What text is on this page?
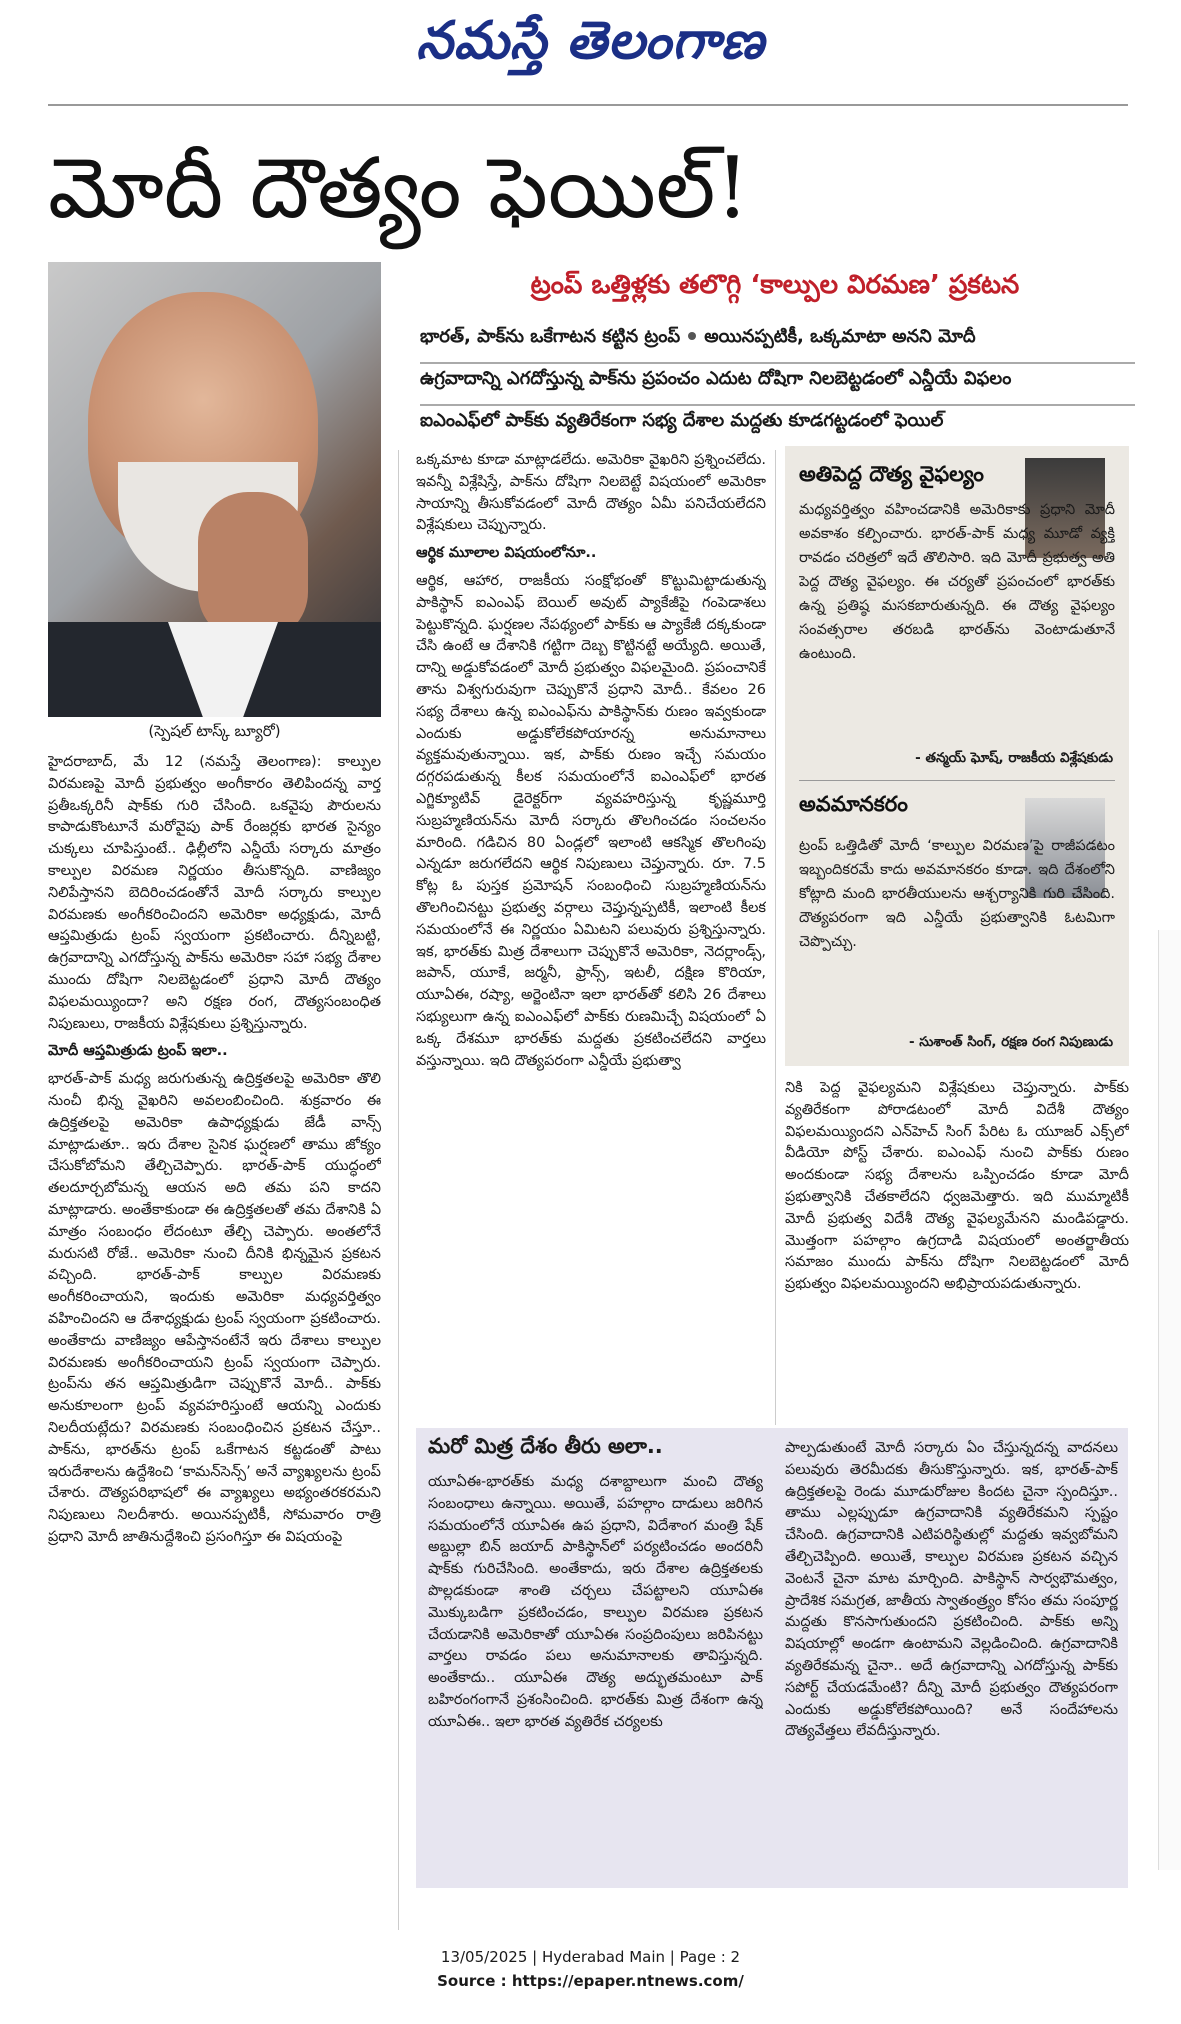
నమస్తే తెలంగాణ
మోదీ దౌత్యం ఫెయిల్!
(స్పెషల్ టాస్క్ బ్యూరో)
ట్రంప్ ఒత్తిళ్లకు తలొగ్గి ‘కాల్పుల విరమణ’ ప్రకటన
భారత్, పాక్‌ను ఒకేగాటన కట్టిన ట్రంప్ అయినప్పటికీ, ఒక్కమాటా అనని మోదీ
ఉగ్రవాదాన్ని ఎగదోస్తున్న పాక్‌ను ప్రపంచం ఎదుట దోషిగా నిలబెట్టడంలో ఎన్డీయే విఫలం
ఐఎంఎఫ్‌లో పాక్‌కు వ్యతిరేకంగా సభ్య దేశాల మద్దతు కూడగట్టడంలో ఫెయిల్

హైదరాబాద్, మే 12 (నమస్తే తెలంగాణ): కాల్పుల విరమణపై మోదీ ప్రభుత్వం అంగీకారం తెలిపిందన్న వార్త ప్రతీఒక్కరినీ షాక్‌కు గురి చేసింది. ఒకవైపు పౌరులను కాపాడుకొంటూనే మరోవైపు పాక్ రేంజర్లకు భారత సైన్యం చుక్కలు చూపిస్తుంటే.. ఢిల్లీలోని ఎన్డీయే సర్కారు మాత్రం కాల్పుల విరమణ నిర్ణయం తీసుకొన్నది. వాణిజ్యం నిలిపేస్తానని బెదిరించడంతోనే మోదీ సర్కారు కాల్పుల విరమణకు అంగీకరించిందని అమెరికా అధ్యక్షుడు, మోదీ ఆప్తమిత్రుడు ట్రంప్ స్వయంగా ప్రకటించారు. దీన్నిబట్టి, ఉగ్రవాదాన్ని ఎగదోస్తున్న పాక్‌ను అమెరికా సహా సభ్య దేశాల ముందు దోషిగా నిలబెట్టడంలో ప్రధాని మోదీ దౌత్యం విఫలమయ్యిందా? అని రక్షణ రంగ, దౌత్యసంబంధిత నిపుణులు, రాజకీయ విశ్లేషకులు ప్రశ్నిస్తున్నారు.

మోదీ ఆప్తమిత్రుడు ట్రంప్ ఇలా..

భారత్-పాక్ మధ్య జరుగుతున్న ఉద్రిక్తతలపై అమెరికా తొలి నుంచీ భిన్న వైఖరిని అవలంబించింది. శుక్రవారం ఈ ఉద్రిక్తతలపై అమెరికా ఉపాధ్యక్షుడు జేడీ వాన్స్ మాట్లాడుతూ.. ఇరు దేశాల సైనిక ఘర్షణలో తాము జోక్యం చేసుకోబోమని తేల్చిచెప్పారు. భారత్-పాక్ యుద్ధంలో తలదూర్చబోమన్న ఆయన అది తమ పని కాదని మాట్లాడారు. అంతేకాకుండా ఈ ఉద్రిక్తతలతో తమ దేశానికి ఏ మాత్రం సంబంధం లేదంటూ తేల్చి చెప్పారు. అంతలోనే మరుసటి రోజే.. అమెరికా నుంచి దీనికి భిన్నమైన ప్రకటన వచ్చింది. భారత్-పాక్ కాల్పుల విరమణకు అంగీకరించాయని, ఇందుకు అమెరికా మధ్యవర్తిత్వం వహించిందని ఆ దేశాధ్యక్షుడు ట్రంప్ స్వయంగా ప్రకటించారు. అంతేకాదు వాణిజ్యం ఆపేస్తానంటేనే ఇరు దేశాలు కాల్పుల విరమణకు అంగీకరించాయని ట్రంప్ స్వయంగా చెప్పారు. ట్రంప్‌ను తన ఆప్తమిత్రుడిగా చెప్పుకొనే మోదీ.. పాక్‌కు అనుకూలంగా ట్రంప్ వ్యవహరిస్తుంటే ఆయన్ని ఎందుకు నిలదీయట్లేదు? విరమణకు సంబంధించిన ప్రకటన చేస్తూ.. పాక్‌ను, భారత్‌ను ట్రంప్ ఒకేగాటన కట్టడంతో పాటు ఇరుదేశాలను ఉద్దేశించి ‘కామన్‌సెన్స్’ అనే వ్యాఖ్యలను ట్రంప్ చేశారు. దౌత్యపరిభాషలో ఈ వ్యాఖ్యలు అభ్యంతరకరమని నిపుణులు నిలదీశారు. అయినప్పటికీ, సోమవారం రాత్రి ప్రధాని మోదీ జాతినుద్దేశించి ప్రసంగిస్తూ ఈ విషయంపై

ఒక్కమాట కూడా మాట్లాడలేదు. అమెరికా వైఖరిని ప్రశ్నించలేదు. ఇవన్నీ విశ్లేషిస్తే, పాక్‌ను దోషిగా నిలబెట్టే విషయంలో అమెరికా సాయాన్ని తీసుకోవడంలో మోదీ దౌత్యం ఏమీ పనిచేయలేదని విశ్లేషకులు చెప్పున్నారు.

ఆర్థిక మూలాల విషయంలోనూ..

ఆర్థిక, ఆహార, రాజకీయ సంక్షోభంతో కొట్టుమిట్టాడుతున్న పాకిస్థాన్ ఐఎంఎఫ్ బెయిల్ అవుట్ ప్యాకేజీపై గంపెడాశలు పెట్టుకొన్నది. ఘర్షణల నేపథ్యంలో పాక్‌కు ఆ ప్యాకేజీ దక్కకుండా చేసి ఉంటే ఆ దేశానికి గట్టిగా దెబ్బ కొట్టినట్టే అయ్యేది. అయితే, దాన్ని అడ్డుకోవడంలో మోదీ ప్రభుత్వం విఫలమైంది. ప్రపంచానికే తాను విశ్వగురువుగా చెప్పుకొనే ప్రధాని మోదీ.. కేవలం 26 సభ్య దేశాలు ఉన్న ఐఎంఎఫ్‌ను పాకిస్థాన్‌కు రుణం ఇవ్వకుండా ఎందుకు అడ్డుకోలేకపోయారన్న అనుమానాలు వ్యక్తమవుతున్నాయి. ఇక, పాక్‌కు రుణం ఇచ్చే సమయం దగ్గరపడుతున్న కీలక సమయంలోనే ఐఎంఎఫ్‌లో భారత ఎగ్జిక్యూటివ్ డైరెక్టర్‌గా వ్యవహరిస్తున్న కృష్ణమూర్తి సుబ్రహ్మణియన్‌ను మోదీ సర్కారు తొలగించడం సంచలనం మారింది. గడిచిన 80 ఏండ్లలో ఇలాంటి ఆకస్మిక తొలగింపు ఎన్నడూ జరుగలేదని ఆర్థిక నిపుణులు చెప్తున్నారు. రూ. 7.5 కోట్ల ఓ పుస్తక ప్రమోషన్ సంబంధించి సుబ్రహ్మణియన్‌ను తొలగించినట్టు ప్రభుత్వ వర్గాలు చెప్తున్నప్పటికీ, ఇలాంటి కీలక సమయంలోనే ఈ నిర్ణయం ఏమిటని పలువురు ప్రశ్నిస్తున్నారు. ఇక, భారత్‌కు మిత్ర దేశాలుగా చెప్పుకొనే అమెరికా, నెదర్లాండ్స్, జపాన్, యూకే, జర్మనీ, ఫ్రాన్స్, ఇటలీ, దక్షిణ కొరియా, యూఏఈ, రష్యా, అర్జెంటినా ఇలా భారత్‌తో కలిసి 26 దేశాలు సభ్యులుగా ఉన్న ఐఎంఎఫ్‌లో పాక్‌కు రుణమిచ్చే విషయంలో ఏ ఒక్క దేశమూ భారత్‌కు మద్దతు ప్రకటించలేదని వార్తలు వస్తున్నాయి. ఇది దౌత్యపరంగా ఎన్డీయే ప్రభుత్వా

అతిపెద్ద దౌత్య వైఫల్యం
మధ్యవర్తిత్వం వహించడానికి అమెరికాకు ప్రధాని మోదీ అవకాశం కల్పించారు. భారత్-పాక్ మధ్య మూడో వ్యక్తి రావడం చరిత్రలో ఇదే తొలిసారి. ఇది మోదీ ప్రభుత్వ అతి పెద్ద దౌత్య వైఫల్యం. ఈ చర్యతో ప్రపంచంలో భారత్‌కు ఉన్న ప్రతిష్ఠ మసకబారుతున్నది. ఈ దౌత్య వైఫల్యం సంవత్సరాల తరబడి భారత్‌ను వెంటాడుతూనే ఉంటుంది.
- తన్మయ్ ఘోష్, రాజకీయ విశ్లేషకుడు
అవమానకరం
ట్రంప్ ఒత్తిడితో మోదీ ‘కాల్పుల విరమణ’పై రాజీపడటం ఇబ్బందికరమే కాదు అవమానకరం కూడా. ఇది దేశంలోని కోట్లాది మంది భారతీయులను ఆశ్చర్యానికి గురి చేసింది. దౌత్యపరంగా ఇది ఎన్డీయే ప్రభుత్వానికి ఓటమిగా చెప్పొచ్చు.
- సుశాంత్ సింగ్, రక్షణ రంగ నిపుణుడు

నికి పెద్ద వైఫల్యమని విశ్లేషకులు చెప్తున్నారు. పాక్‌కు వ్యతిరేకంగా పోరాడటంలో మోదీ విదేశీ దౌత్యం విఫలమయ్యిందని ఎన్‌హెచ్ సింగ్ పేరిట ఓ యూజర్ ఎక్స్‌లో వీడియో పోస్ట్ చేశారు. ఐఎంఎఫ్ నుంచి పాక్‌కు రుణం అందకుండా సభ్య దేశాలను ఒప్పించడం కూడా మోదీ ప్రభుత్వానికి చేతకాలేదని ధ్వజమెత్తారు. ఇది ముమ్మాటికీ మోదీ ప్రభుత్వ విదేశీ దౌత్య వైఫల్యమేనని మండిపడ్డారు. మొత్తంగా పహల్గాం ఉగ్రదాడి విషయంలో అంతర్జాతీయ సమాజం ముందు పాక్‌ను దోషిగా నిలబెట్టడంలో మోదీ ప్రభుత్వం విఫలమయ్యిందని అభిప్రాయపడుతున్నారు.

మరో మిత్ర దేశం తీరు అలా..
యూఏఈ-భారత్‌కు మధ్య దశాబ్దాలుగా మంచి దౌత్య సంబంధాలు ఉన్నాయి. అయితే, పహల్గాం దాడులు జరిగిన సమయంలోనే యూఏఈ ఉప ప్రధాని, విదేశాంగ మంత్రి షేక్ అబ్దుల్లా బిన్ జయాద్ పాకిస్థాన్‌లో పర్యటించడం అందరినీ షాక్‌కు గురిచేసింది. అంతేకాదు, ఇరు దేశాల ఉద్రిక్తతలకు పొల్లడకుండా శాంతి చర్చలు చేపట్టాలని యూఏఈ మొక్కుబడిగా ప్రకటించడం, కాల్పుల విరమణ ప్రకటన చేయడానికి అమెరికాతో యూఏఈ సంప్రదింపులు జరిపినట్టు వార్తలు రావడం పలు అనుమానాలకు తావిస్తున్నది. అంతేకాదు.. యూఏఈ దౌత్య అద్భుతమంటూ పాక్ బహిరంగంగానే ప్రశంసించింది. భారత్‌కు మిత్ర దేశంగా ఉన్న యూఏఈ.. ఇలా భారత వ్యతిరేక చర్యలకు
పాల్పడుతుంటే మోదీ సర్కారు ఏం చేస్తున్నదన్న వాదనలు పలువురు తెరమీదకు తీసుకొస్తున్నారు. ఇక, భారత్-పాక్ ఉద్రిక్తతలపై రెండు మూడురోజుల కిందట చైనా స్పందిస్తూ.. తాము ఎల్లప్పుడూ ఉగ్రవాదానికి వ్యతిరేకమని స్పష్టం చేసింది. ఉగ్రవాదానికి ఎటిపరిస్థితుల్లో మద్దతు ఇవ్వబోమని తేల్చిచెప్పింది. అయితే, కాల్పుల విరమణ ప్రకటన వచ్చిన వెంటనే చైనా మాట మార్చింది. పాకిస్థాన్ సార్వభౌమత్వం, ప్రాదేశిక సమగ్రత, జాతీయ స్వాతంత్ర్యం కోసం తమ సంపూర్ణ మద్దతు కొనసాగుతుందని ప్రకటించింది. పాక్‌కు అన్ని విషయాల్లో అండగా ఉంటామని వెల్లడించింది. ఉగ్రవాదానికి వ్యతిరేకమన్న చైనా.. అదే ఉగ్రవాదాన్ని ఎగదోస్తున్న పాక్‌కు సపోర్ట్ చేయడమేంటి? దీన్ని మోదీ ప్రభుత్వం దౌత్యపరంగా ఎందుకు అడ్డుకోలేకపోయింది? అనే సందేహాలను దౌత్యవేత్తలు లేవదీస్తున్నారు.
13/05/2025 | Hyderabad Main | Page : 2
Source : https://epaper.ntnews.com/
